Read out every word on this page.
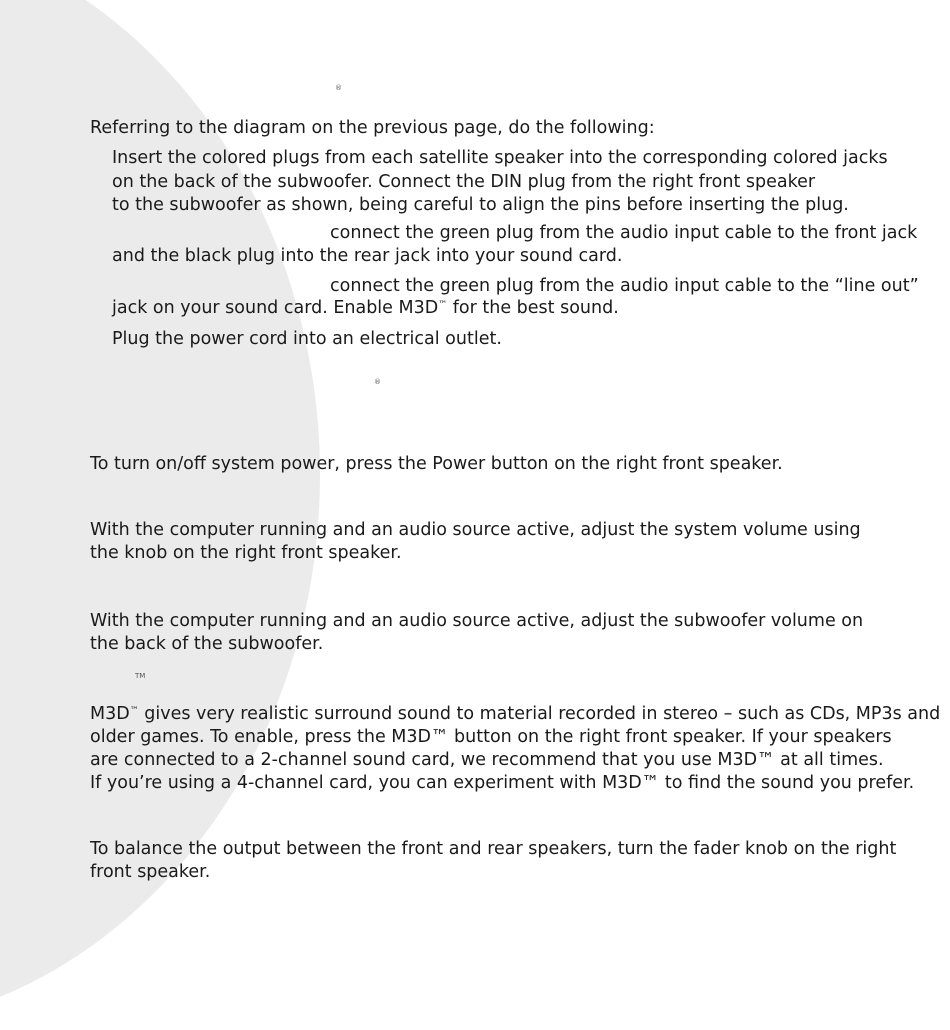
®

Referring to the diagram on the previous page, do the following:

Insert the colored plugs from each satellite speaker into the corresponding colored jacks
on the back of the subwoofer. Connect the DIN plug from the right front speaker
to the subwoofer as shown, being careful to align the pins before inserting the plug.

connect the green plug from the audio input cable to the front jack

and the black plug into the rear jack into your sound card.

connect the green plug from the audio input cable to the “line out”

jack on your sound card. Enable M3D™ for the best sound.

Plug the power cord into an electrical outlet.

®

To turn on/off system power, press the Power button on the right front speaker.

With the computer running and an audio source active, adjust the system volume using
the knob on the right front speaker.
With the computer running and an audio source active, adjust the subwoofer volume on
the back of the subwoofer.
TM
M3D™ gives very realistic surround sound to material recorded in stereo – such as CDs, MP3s and
older games. To enable, press the M3D™ button on the right front speaker. If your speakers
are connected to a 2-channel sound card, we recommend that you use M3D™ at all times.
If you’re using a 4-channel card, you can experiment with M3D™ to find the sound you prefer.
To balance the output between the front and rear speakers, turn the fader knob on the right
front speaker.
